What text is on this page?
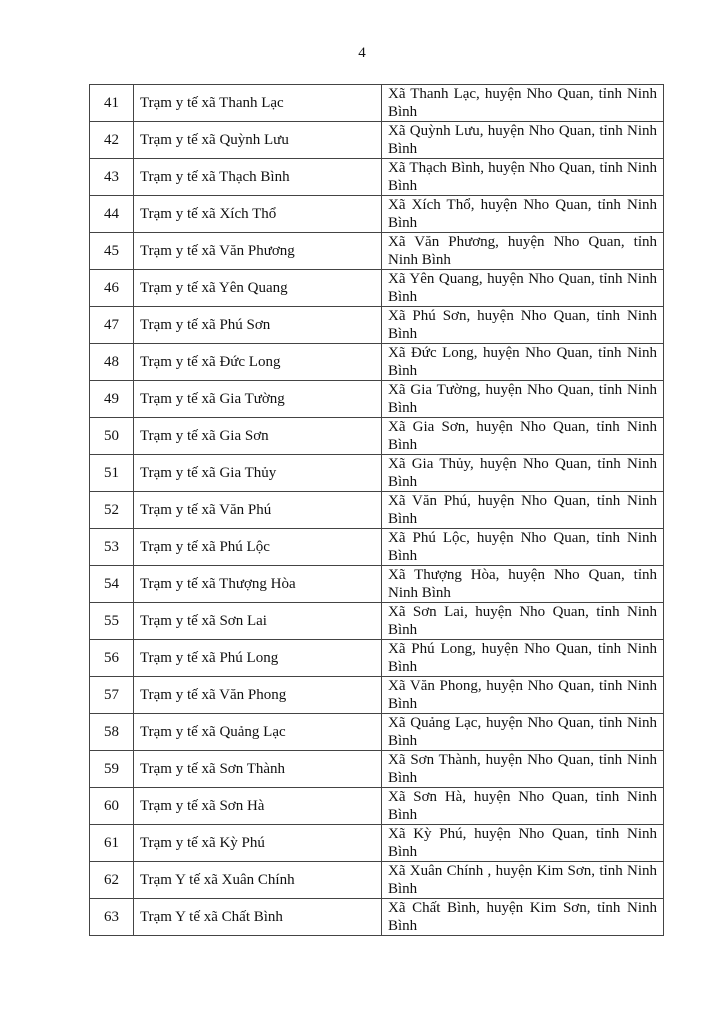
4
41	Trạm y tế xã Thanh Lạc	Xã Thanh Lạc, huyện Nho Quan, tỉnh Ninh Bình
42	Trạm y tế xã Quỳnh Lưu	Xã Quỳnh Lưu, huyện Nho Quan, tỉnh Ninh Bình
43	Trạm y tế xã Thạch Bình	Xã Thạch Bình, huyện Nho Quan, tỉnh Ninh Bình
44	Trạm y tế xã Xích Thổ	Xã Xích Thổ, huyện Nho Quan, tỉnh Ninh Bình
45	Trạm y tế xã Văn Phương	Xã Văn Phương, huyện Nho Quan, tỉnh Ninh Bình
46	Trạm y tế xã Yên Quang	Xã Yên Quang, huyện Nho Quan, tỉnh Ninh Bình
47	Trạm y tế xã Phú Sơn	Xã Phú Sơn, huyện Nho Quan, tỉnh Ninh Bình
48	Trạm y tế xã Đức Long	Xã Đức Long, huyện Nho Quan, tỉnh Ninh Bình
49	Trạm y tế xã Gia Tường	Xã Gia Tường, huyện Nho Quan, tỉnh Ninh Bình
50	Trạm y tế xã Gia Sơn	Xã Gia Sơn, huyện Nho Quan, tỉnh Ninh Bình
51	Trạm y tế xã Gia Thủy	Xã Gia Thủy, huyện Nho Quan, tỉnh Ninh Bình
52	Trạm y tế xã Văn Phú	Xã Văn Phú, huyện Nho Quan, tỉnh Ninh Bình
53	Trạm y tế xã Phú Lộc	Xã Phú Lộc, huyện Nho Quan, tỉnh Ninh Bình
54	Trạm y tế xã Thượng Hòa	Xã Thượng Hòa, huyện Nho Quan, tỉnh Ninh Bình
55	Trạm y tế xã Sơn Lai	Xã Sơn Lai, huyện Nho Quan, tỉnh Ninh Bình
56	Trạm y tế xã Phú Long	Xã Phú Long, huyện Nho Quan, tỉnh Ninh Bình
57	Trạm y tế xã Văn Phong	Xã Văn Phong, huyện Nho Quan, tỉnh Ninh Bình
58	Trạm y tế xã Quảng Lạc	Xã Quảng Lạc, huyện Nho Quan, tỉnh Ninh Bình
59	Trạm y tế xã Sơn Thành	Xã Sơn Thành, huyện Nho Quan, tỉnh Ninh Bình
60	Trạm y tế xã Sơn Hà	Xã Sơn Hà, huyện Nho Quan, tỉnh Ninh Bình
61	Trạm y tế xã Kỳ Phú	Xã Kỳ Phú, huyện Nho Quan, tỉnh Ninh Bình
62	Trạm Y tế xã Xuân Chính	Xã Xuân Chính , huyện Kim Sơn, tỉnh Ninh Bình
63	Trạm Y tế xã Chất Bình	Xã Chất Bình, huyện Kim Sơn, tỉnh Ninh Bình
